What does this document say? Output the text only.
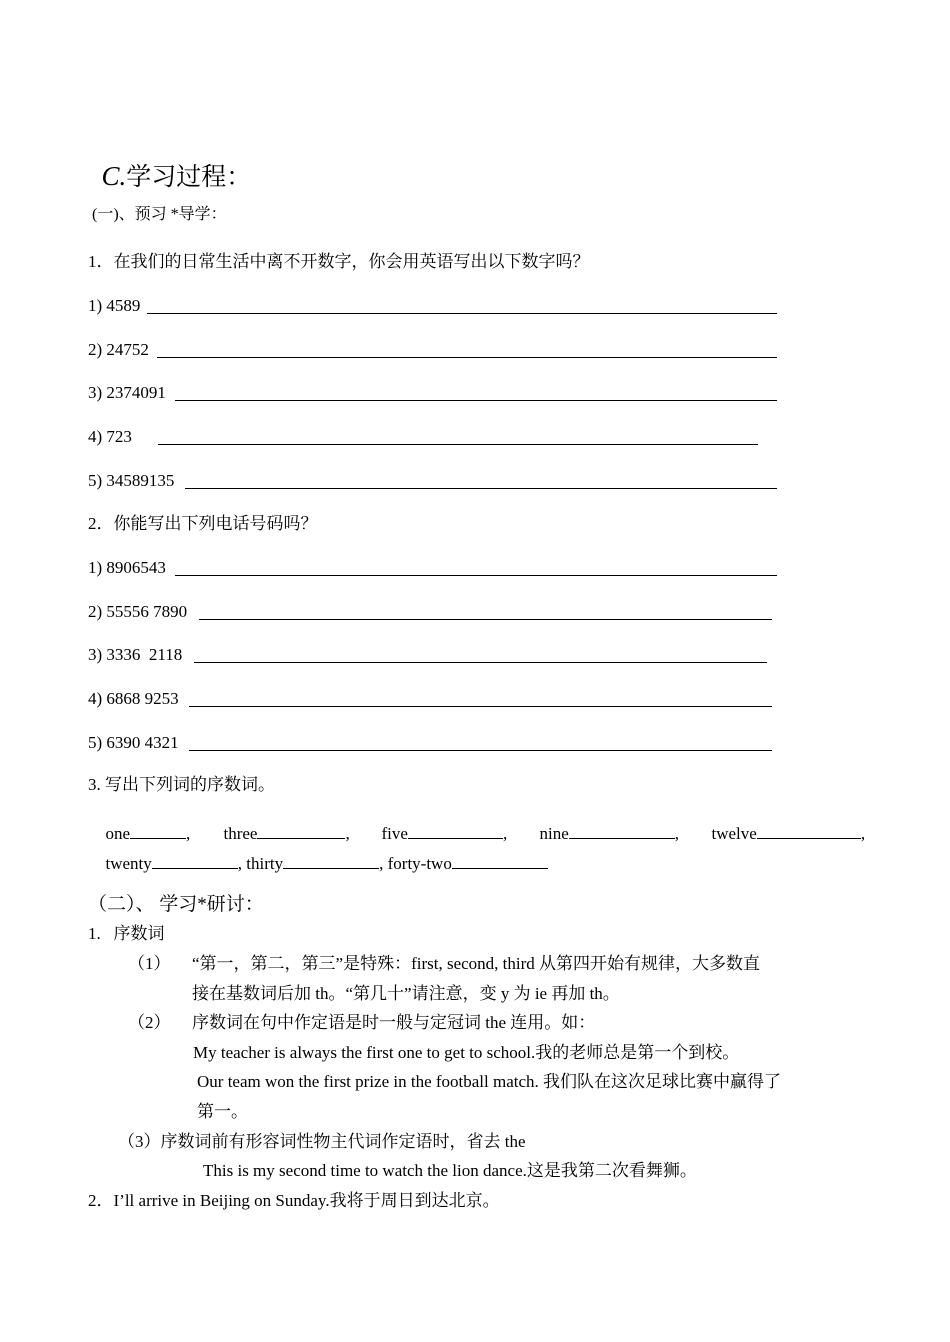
C.学习过程：

(一)、预习 *导学：
1．在我们的日常生活中离不开数字，你会用英语写出以下数字吗？
1) 4589
2) 24752
3) 2374091
4) 723
5) 34589135
2．你能写出下列电话号码吗？
1) 8906543
2) 55556 7890
3) 3336  2118
4) 6868 9253
5) 6390 4321
3. 写出下列词的序数词。

one	,	three	,	five	,	nine	,	twelve	,

twenty	, thirty	, forty-two

（二）、 学习*研讨：
1.   序数词
（1） “第一，第二，第三”是特殊：first, second, third 从第四开始有规律，大多数直
接在基数词后加 th。“第几十”请注意，变 y 为 ie 再加 th。
（2） 序数词在句中作定语是时一般与定冠词 the 连用。如：
My teacher is always the first one to get to school.我的老师总是第一个到校。
Our team won the first prize in the football match. 我们队在这次足球比赛中赢得了
第一。
（3）序数词前有形容词性物主代词作定语时，省去 the
This is my second time to watch the lion dance.这是我第二次看舞狮。
2．I’ll arrive in Beijing on Sunday.我将于周日到达北京。
